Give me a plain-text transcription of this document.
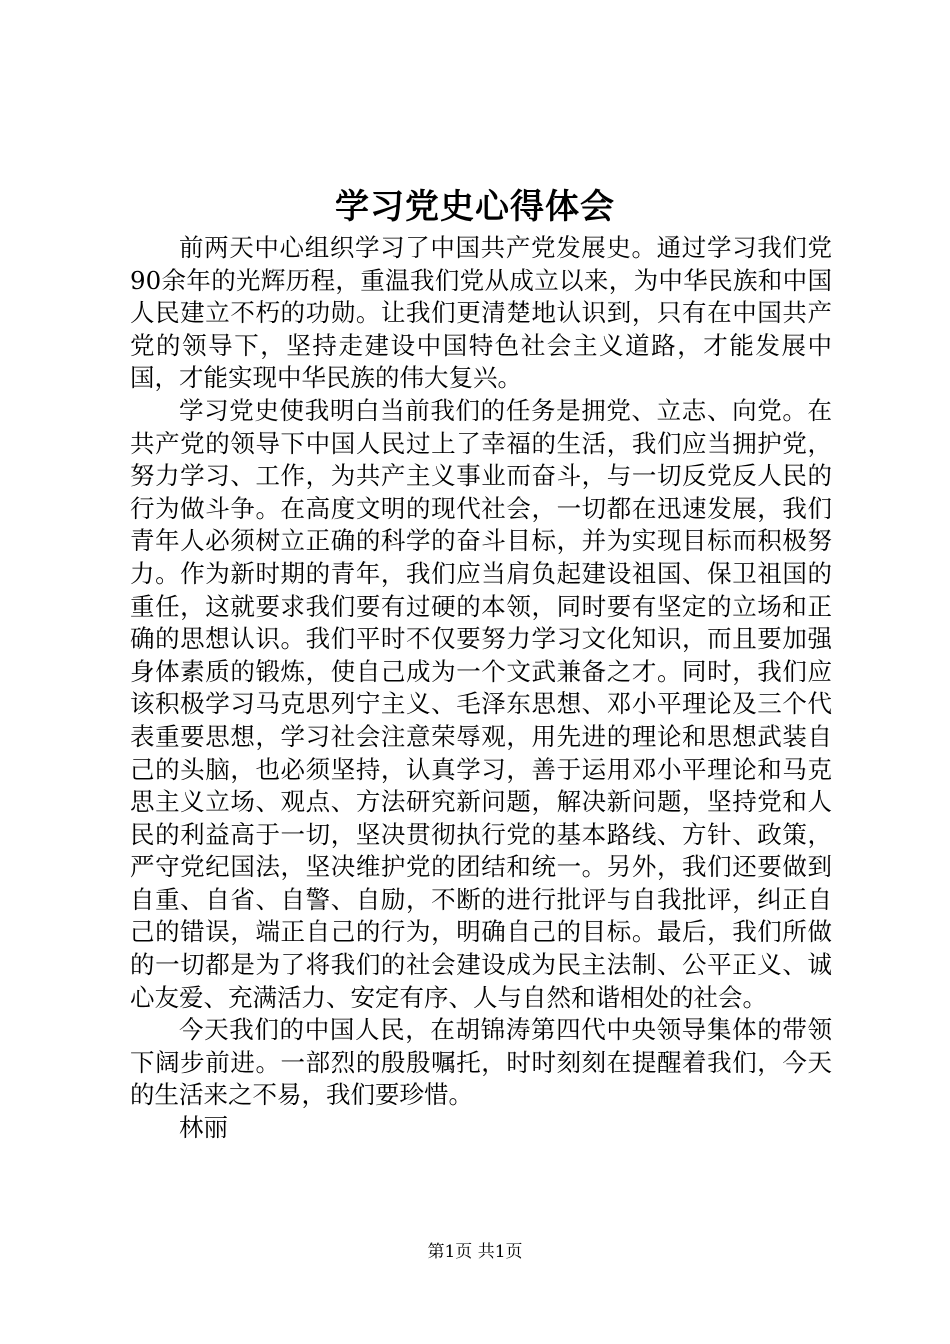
学习党史心得体会

前两天中心组织学习了中国共产党发展史。通过学习我们党90余年的光辉历程，重温我们党从成立以来，为中华民族和中国人民建立不朽的功勋。让我们更清楚地认识到，只有在中国共产党的领导下，坚持走建设中国特色社会主义道路，才能发展中国，才能实现中华民族的伟大复兴。

学习党史使我明白当前我们的任务是拥党、立志、向党。在共产党的领导下中国人民过上了幸福的生活，我们应当拥护党，努力学习、工作，为共产主义事业而奋斗，与一切反党反人民的行为做斗争。在高度文明的现代社会，一切都在迅速发展，我们青年人必须树立正确的科学的奋斗目标，并为实现目标而积极努力。作为新时期的青年，我们应当肩负起建设祖国、保卫祖国的重任，这就要求我们要有过硬的本领，同时要有坚定的立场和正确的思想认识。我们平时不仅要努力学习文化知识，而且要加强身体素质的锻炼，使自己成为一个文武兼备之才。同时，我们应该积极学习马克思列宁主义、毛泽东思想、邓小平理论及三个代表重要思想，学习社会注意荣辱观，用先进的理论和思想武装自己的头脑，也必须坚持，认真学习，善于运用邓小平理论和马克思主义立场、观点、方法研究新问题，解决新问题，坚持党和人民的利益高于一切，坚决贯彻执行党的基本路线、方针、政策，严守党纪国法，坚决维护党的团结和统一。另外，我们还要做到自重、自省、自警、自励，不断的进行批评与自我批评，纠正自己的错误，端正自己的行为，明确自己的目标。最后，我们所做的一切都是为了将我们的社会建设成为民主法制、公平正义、诚心友爱、充满活力、安定有序、人与自然和谐相处的社会。

今天我们的中国人民，在胡锦涛第四代中央领导集体的带领下阔步前进。一部烈的殷殷嘱托，时时刻刻在提醒着我们，今天的生活来之不易，我们要珍惜。

林丽

第1页 共1页
